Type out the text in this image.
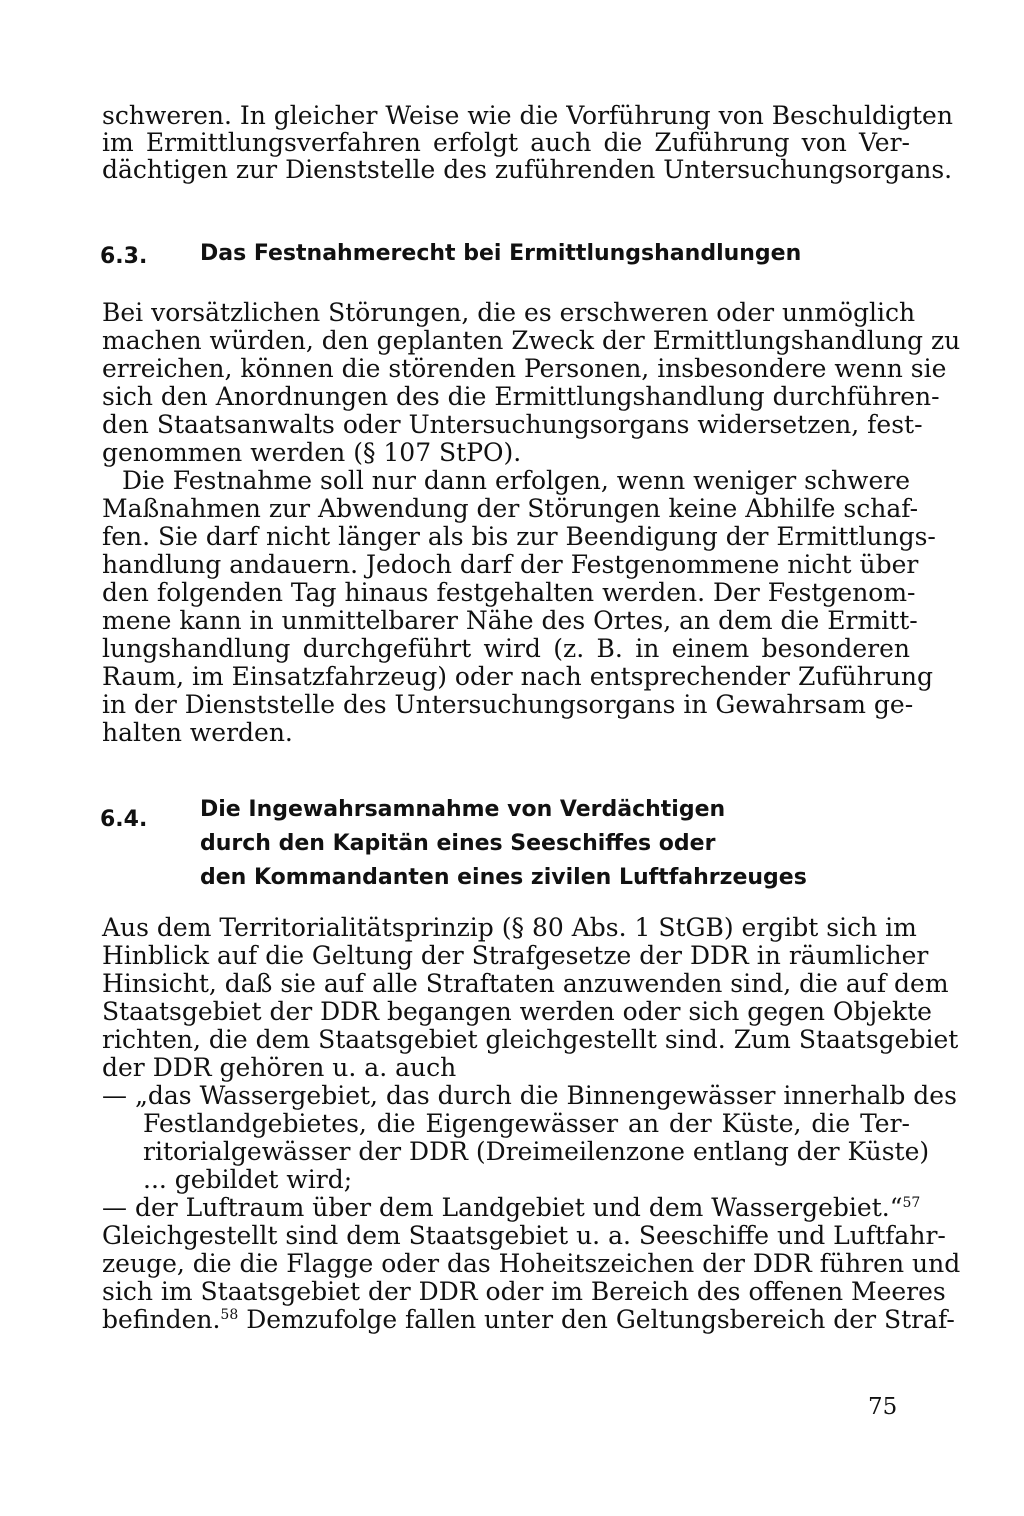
schweren. In gleicher Weise wie die Vorführung von Beschuldigten
im Ermittlungsverfahren erfolgt auch die Zuführung von Ver-
dächtigen zur Dienststelle des zuführenden Untersuchungsorgans.
6.3. Das Festnahmerecht bei Ermittlungshandlungen
Bei vorsätzlichen Störungen, die es erschweren oder unmöglich
machen würden, den geplanten Zweck der Ermittlungshandlung zu
erreichen, können die störenden Personen, insbesondere wenn sie
sich den Anordnungen des die Ermittlungshandlung durchführen-
den Staatsanwalts oder Untersuchungsorgans widersetzen, fest-
genommen werden (§ 107 StPO).
Die Festnahme soll nur dann erfolgen, wenn weniger schwere
Maßnahmen zur Abwendung der Störungen keine Abhilfe schaf-
fen. Sie darf nicht länger als bis zur Beendigung der Ermittlungs-
handlung andauern. Jedoch darf der Festgenommene nicht über
den folgenden Tag hinaus festgehalten werden. Der Festgenom-
mene kann in unmittelbarer Nähe des Ortes, an dem die Ermitt-
lungshandlung durchgeführt wird (z. B. in einem besonderen
Raum, im Einsatzfahrzeug) oder nach entsprechender Zuführung
in der Dienststelle des Untersuchungsorgans in Gewahrsam ge-
halten werden.
6.4. Die Ingewahrsamnahme von Verdächtigen
durch den Kapitän eines Seeschiffes oder
den Kommandanten eines zivilen Luftfahrzeuges
Aus dem Territorialitätsprinzip (§ 80 Abs. 1 StGB) ergibt sich im
Hinblick auf die Geltung der Strafgesetze der DDR in räumlicher
Hinsicht, daß sie auf alle Straftaten anzuwenden sind, die auf dem
Staatsgebiet der DDR begangen werden oder sich gegen Objekte
richten, die dem Staatsgebiet gleichgestellt sind. Zum Staatsgebiet
der DDR gehören u. a. auch
— „das Wassergebiet, das durch die Binnengewässer innerhalb des
Festlandgebietes, die Eigengewässer an der Küste, die Ter-
ritorialgewässer der DDR (Dreimeilenzone entlang der Küste)
... gebildet wird;
— der Luftraum über dem Landgebiet und dem Wassergebiet.“$^{57}$
Gleichgestellt sind dem Staatsgebiet u. a. Seeschiffe und Luftfahr-
zeuge, die die Flagge oder das Hoheitszeichen der DDR führen und
sich im Staatsgebiet der DDR oder im Bereich des offenen Meeres
befinden.$^{58}$ Demzufolge fallen unter den Geltungsbereich der Straf-
75
